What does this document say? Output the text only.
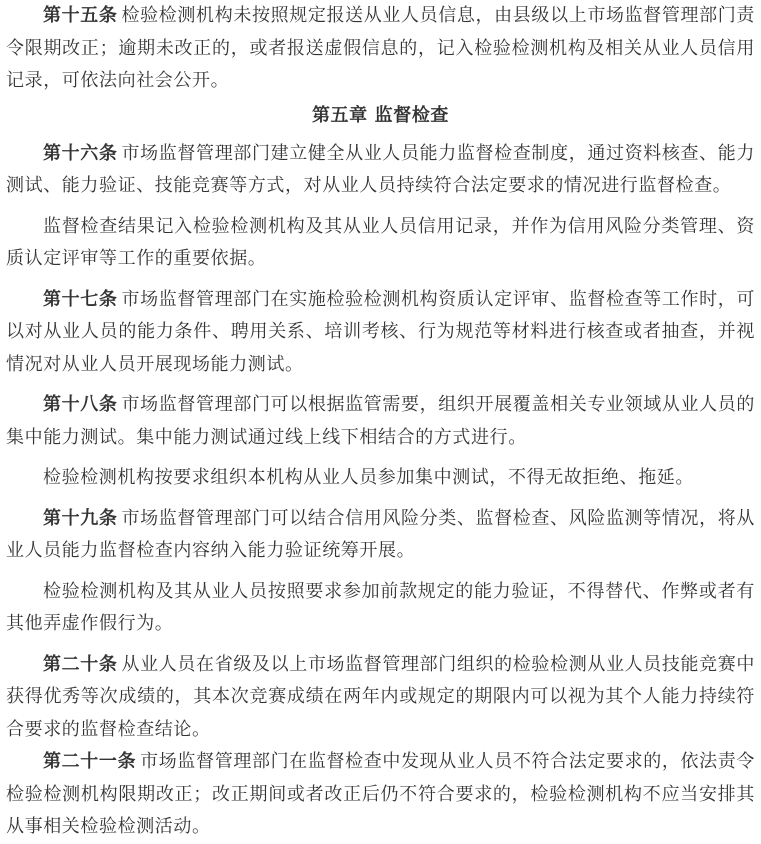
第十五条 检验检测机构未按照规定报送从业人员信息，由县级以上市场监督管理部门责令限期改正；逾期未改正的，或者报送虚假信息的，记入检验检测机构及相关从业人员信用记录，可依法向社会公开。

第五章 监督检查

第十六条 市场监督管理部门建立健全从业人员能力监督检查制度，通过资料核查、能力测试、能力验证、技能竞赛等方式，对从业人员持续符合法定要求的情况进行监督检查。

监督检查结果记入检验检测机构及其从业人员信用记录，并作为信用风险分类管理、资质认定评审等工作的重要依据。

第十七条 市场监督管理部门在实施检验检测机构资质认定评审、监督检查等工作时，可以对从业人员的能力条件、聘用关系、培训考核、行为规范等材料进行核查或者抽查，并视情况对从业人员开展现场能力测试。

第十八条 市场监督管理部门可以根据监管需要，组织开展覆盖相关专业领域从业人员的集中能力测试。集中能力测试通过线上线下相结合的方式进行。

检验检测机构按要求组织本机构从业人员参加集中测试，不得无故拒绝、拖延。

第十九条 市场监督管理部门可以结合信用风险分类、监督检查、风险监测等情况，将从业人员能力监督检查内容纳入能力验证统筹开展。

检验检测机构及其从业人员按照要求参加前款规定的能力验证，不得替代、作弊或者有其他弄虚作假行为。

第二十条 从业人员在省级及以上市场监督管理部门组织的检验检测从业人员技能竞赛中获得优秀等次成绩的，其本次竞赛成绩在两年内或规定的期限内可以视为其个人能力持续符合要求的监督检查结论。

第二十一条 市场监督管理部门在监督检查中发现从业人员不符合法定要求的，依法责令检验检测机构限期改正；改正期间或者改正后仍不符合要求的，检验检测机构不应当安排其从事相关检验检测活动。
